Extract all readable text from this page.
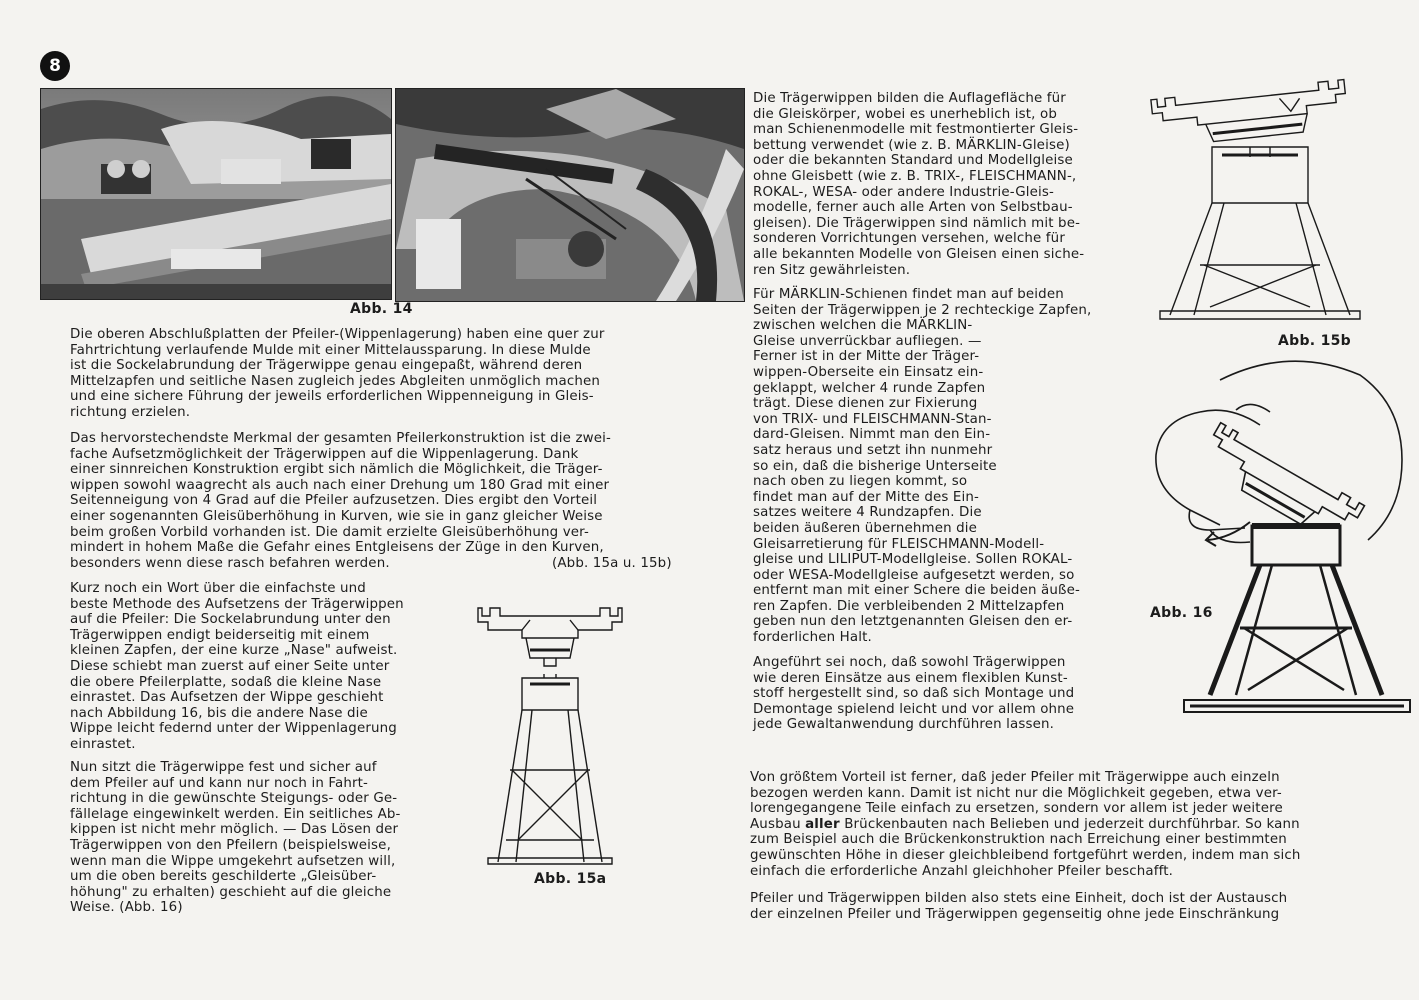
8
Abb. 14

Die oberen Abschlußplatten der Pfeiler-(Wippenlagerung) haben eine quer zur
Fahrtrichtung verlaufende Mulde mit einer Mittelaussparung. In diese Mulde
ist die Sockelabrundung der Trägerwippe genau eingepaßt, während deren
Mittelzapfen und seitliche Nasen zugleich jedes Abgleiten unmöglich machen
und eine sichere Führung der jeweils erforderlichen Wippenneigung in Gleis-
richtung erzielen.

Das hervorstechendste Merkmal der gesamten Pfeilerkonstruktion ist die zwei-
fache Aufsetzmöglichkeit der Trägerwippen auf die Wippenlagerung. Dank
einer sinnreichen Konstruktion ergibt sich nämlich die Möglichkeit, die Träger-
wippen sowohl waagrecht als auch nach einer Drehung um 180 Grad mit einer
Seitenneigung von 4 Grad auf die Pfeiler aufzusetzen. Dies ergibt den Vorteil
einer sogenannten Gleisüberhöhung in Kurven, wie sie in ganz gleicher Weise
beim großen Vorbild vorhanden ist. Die damit erzielte Gleisüberhöhung ver-
mindert in hohem Maße die Gefahr eines Entgleisens der Züge in den Kurven,
besonders wenn diese rasch befahren werden.	(Abb. 15a u. 15b)

Kurz noch ein Wort über die einfachste und
beste Methode des Aufsetzens der Trägerwippen
auf die Pfeiler: Die Sockelabrundung unter den
Trägerwippen endigt beiderseitig mit einem
kleinen Zapfen, der eine kurze „Nase" aufweist.
Diese schiebt man zuerst auf einer Seite unter
die obere Pfeilerplatte, sodaß die kleine Nase
einrastet. Das Aufsetzen der Wippe geschieht
nach Abbildung 16, bis die andere Nase die
Wippe leicht federnd unter der Wippenlagerung
einrastet.

Nun sitzt die Trägerwippe fest und sicher auf
dem Pfeiler auf und kann nur noch in Fahrt-
richtung in die gewünschte Steigungs- oder Ge-
fällelage eingewinkelt werden. Ein seitliches Ab-
kippen ist nicht mehr möglich. — Das Lösen der
Trägerwippen von den Pfeilern (beispielsweise,
wenn man die Wippe umgekehrt aufsetzen will,
um die oben bereits geschilderte „Gleisüber-
höhung" zu erhalten) geschieht auf die gleiche
Weise. (Abb. 16)

Abb. 15a

Die Trägerwippen bilden die Auflagefläche für
die Gleiskörper, wobei es unerheblich ist, ob
man Schienenmodelle mit festmontierter Gleis-
bettung verwendet (wie z. B. MÄRKLIN-Gleise)
oder die bekannten Standard und Modellgleise
ohne Gleisbett (wie z. B. TRIX-, FLEISCHMANN-,
ROKAL-, WESA- oder andere Industrie-Gleis-
modelle, ferner auch alle Arten von Selbstbau-
gleisen). Die Trägerwippen sind nämlich mit be-
sonderen Vorrichtungen versehen, welche für
alle bekannten Modelle von Gleisen einen siche-
ren Sitz gewährleisten.

Für MÄRKLIN-Schienen findet man auf beiden
Seiten der Trägerwippen je 2 rechteckige Zapfen,
zwischen welchen die MÄRKLIN-
Gleise unverrückbar aufliegen. —
Ferner ist in der Mitte der Träger-
wippen-Oberseite ein Einsatz ein-
geklappt, welcher 4 runde Zapfen
trägt. Diese dienen zur Fixierung
von TRIX- und FLEISCHMANN-Stan-
dard-Gleisen. Nimmt man den Ein-
satz heraus und setzt ihn nunmehr
so ein, daß die bisherige Unterseite
nach oben zu liegen kommt, so
findet man auf der Mitte des Ein-
satzes weitere 4 Rundzapfen. Die
beiden äußeren übernehmen die
Gleisarretierung für FLEISCHMANN-Modell-
gleise und LILIPUT-Modellgleise. Sollen ROKAL-
oder WESA-Modellgleise aufgesetzt werden, so
entfernt man mit einer Schere die beiden äuße-
ren Zapfen. Die verbleibenden 2 Mittelzapfen
geben nun den letztgenannten Gleisen den er-
forderlichen Halt.

Angeführt sei noch, daß sowohl Trägerwippen
wie deren Einsätze aus einem flexiblen Kunst-
stoff hergestellt sind, so daß sich Montage und
Demontage spielend leicht und vor allem ohne
jede Gewaltanwendung durchführen lassen.

Von größtem Vorteil ist ferner, daß jeder Pfeiler mit Trägerwippe auch einzeln
bezogen werden kann. Damit ist nicht nur die Möglichkeit gegeben, etwa ver-
lorengegangene Teile einfach zu ersetzen, sondern vor allem ist jeder weitere
Ausbau aller Brückenbauten nach Belieben und jederzeit durchführbar. So kann
zum Beispiel auch die Brückenkonstruktion nach Erreichung einer bestimmten
gewünschten Höhe in dieser gleichbleibend fortgeführt werden, indem man sich
einfach die erforderliche Anzahl gleichhoher Pfeiler beschafft.

Pfeiler und Trägerwippen bilden also stets eine Einheit, doch ist der Austausch
der einzelnen Pfeiler und Trägerwippen gegenseitig ohne jede Einschränkung

Abb. 15b
Abb. 16
